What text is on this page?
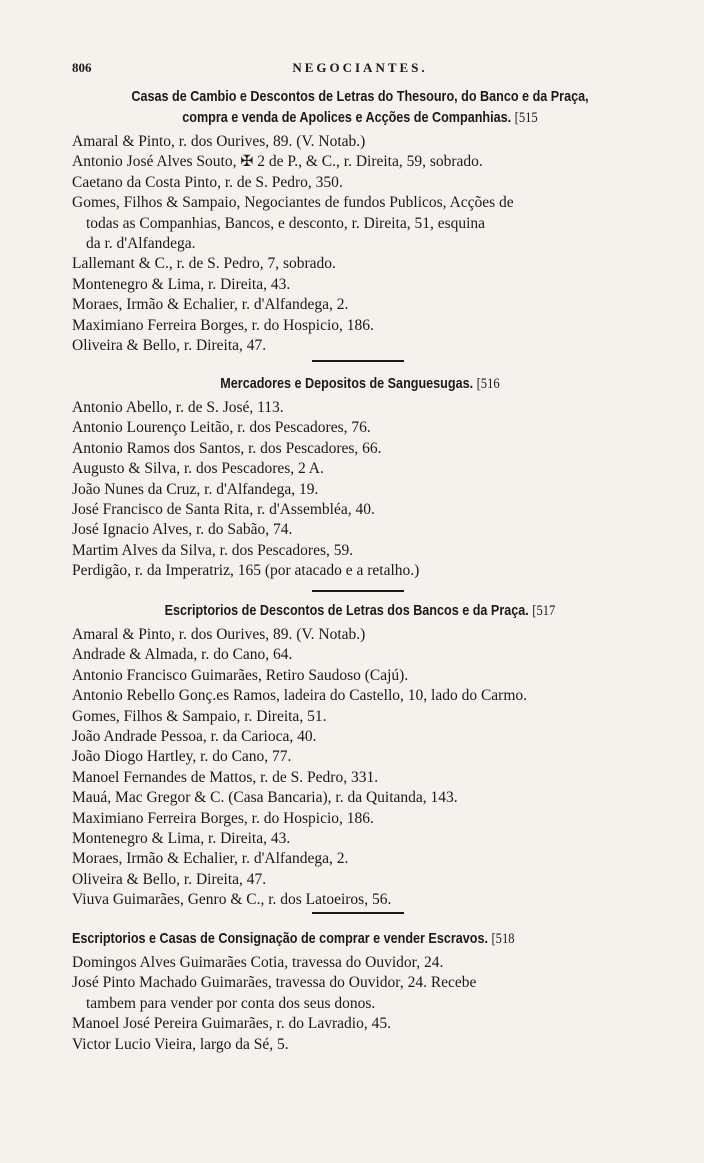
806	NEGOCIANTES.
Casas de Cambio e Descontos de Letras do Thesouro, do Banco e da Praça,
compra e venda de Apolices e Acções de Companhias. [515
Amaral & Pinto, r. dos Ourives, 89. (V. Notab.)
Antonio José Alves Souto, ✠ 2 de P., & C., r. Direita, 59, sobrado.
Caetano da Costa Pinto, r. de S. Pedro, 350.
Gomes, Filhos & Sampaio, Negociantes de fundos Publicos, Acções de
todas as Companhias, Bancos, e desconto, r. Direita, 51, esquina
da r. d'Alfandega.
Lallemant & C., r. de S. Pedro, 7, sobrado.
Montenegro & Lima, r. Direita, 43.
Moraes, Irmão & Echalier, r. d'Alfandega, 2.
Maximiano Ferreira Borges, r. do Hospicio, 186.
Oliveira & Bello, r. Direita, 47.
Mercadores e Depositos de Sanguesugas. [516
Antonio Abello, r. de S. José, 113.
Antonio Lourenço Leitão, r. dos Pescadores, 76.
Antonio Ramos dos Santos, r. dos Pescadores, 66.
Augusto & Silva, r. dos Pescadores, 2 A.
João Nunes da Cruz, r. d'Alfandega, 19.
José Francisco de Santa Rita, r. d'Assembléa, 40.
José Ignacio Alves, r. do Sabão, 74.
Martim Alves da Silva, r. dos Pescadores, 59.
Perdigão, r. da Imperatriz, 165 (por atacado e a retalho.)
Escriptorios de Descontos de Letras dos Bancos e da Praça. [517
Amaral & Pinto, r. dos Ourives, 89. (V. Notab.)
Andrade & Almada, r. do Cano, 64.
Antonio Francisco Guimarães, Retiro Saudoso (Cajú).
Antonio Rebello Gonç.es Ramos, ladeira do Castello, 10, lado do Carmo.
Gomes, Filhos & Sampaio, r. Direita, 51.
João Andrade Pessoa, r. da Carioca, 40.
João Diogo Hartley, r. do Cano, 77.
Manoel Fernandes de Mattos, r. de S. Pedro, 331.
Mauá, Mac Gregor & C. (Casa Bancaria), r. da Quitanda, 143.
Maximiano Ferreira Borges, r. do Hospicio, 186.
Montenegro & Lima, r. Direita, 43.
Moraes, Irmão & Echalier, r. d'Alfandega, 2.
Oliveira & Bello, r. Direita, 47.
Viuva Guimarães, Genro & C., r. dos Latoeiros, 56.
Escriptorios e Casas de Consignação de comprar e vender Escravos. [518
Domingos Alves Guimarães Cotia, travessa do Ouvidor, 24.
José Pinto Machado Guimarães, travessa do Ouvidor, 24. Recebe
tambem para vender por conta dos seus donos.
Manoel José Pereira Guimarães, r. do Lavradio, 45.
Victor Lucio Vieira, largo da Sé, 5.
